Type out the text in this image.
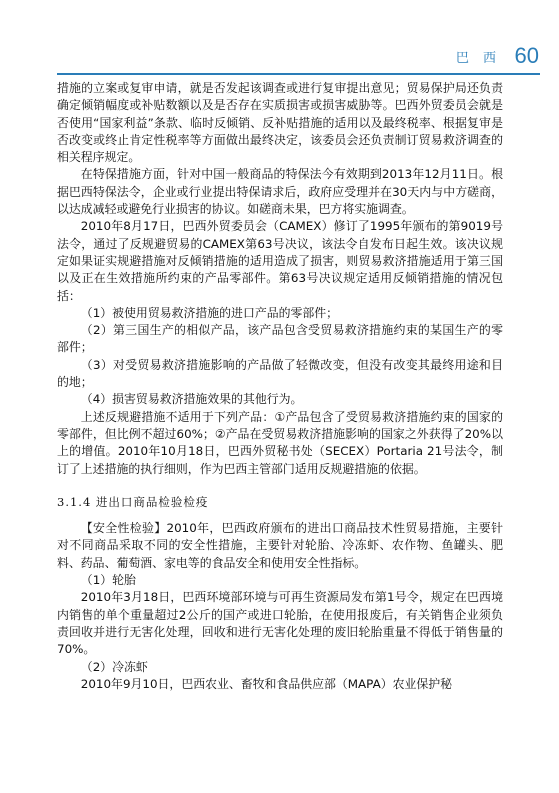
巴 西 60

措施的立案或复审申请，就是否发起该调查或进行复审提出意见；贸易保护局还负责确定倾销幅度或补贴数额以及是否存在实质损害或损害威胁等。巴西外贸委员会就是否使用“国家利益”条款、临时反倾销、反补贴措施的适用以及最终税率、根据复审是否改变或终止肯定性税率等方面做出最终决定，该委员会还负责制订贸易救济调查的相关程序规定。

在特保措施方面，针对中国一般商品的特保法今有效期到2013年12月11日。根据巴西特保法令，企业或行业提出特保请求后，政府应受理并在30天内与中方磋商，以达成减轻或避免行业损害的协议。如磋商未果，巴方将实施调查。

2010年8月17日，巴西外贸委员会（CAMEX）修订了1995年颁布的第9019号法令，通过了反规避贸易的CAMEX第63号决议，该法令自发布日起生效。该决议规定如果证实规避措施对反倾销措施的适用造成了损害，则贸易救济措施适用于第三国以及正在生效措施所约束的产品零部件。第63号决议规定适用反倾销措施的情况包括：

（1）被使用贸易救济措施的进口产品的零部件；

（2）第三国生产的相似产品，该产品包含受贸易救济措施约束的某国生产的零部件；

（3）对受贸易救济措施影响的产品做了轻微改变，但没有改变其最终用途和目的地；

（4）损害贸易救济措施效果的其他行为。

上述反规避措施不适用于下列产品：①产品包含了受贸易救济措施约束的国家的零部件，但比例不超过60%；②产品在受贸易救济措施影响的国家之外获得了20%以上的增值。2010年10月18日，巴西外贸秘书处（SECEX）Portaria 21号法令，制订了上述措施的执行细则，作为巴西主管部门适用反规避措施的依据。

3.1.4 进出口商品检验检疫

【安全性检验】2010年，巴西政府颁布的进出口商品技术性贸易措施，主要针对不同商品采取不同的安全性措施，主要针对轮胎、冷冻虾、农作物、鱼罐头、肥料、药品、葡萄酒、家电等的食品安全和使用安全性指标。

（1）轮胎

2010年3月18日，巴西环境部环境与可再生资源局发布第1号令，规定在巴西境内销售的单个重量超过2公斤的国产或进口轮胎，在使用报废后，有关销售企业须负责回收并进行无害化处理，回收和进行无害化处理的废旧轮胎重量不得低于销售量的70%。

（2）冷冻虾

2010年9月10日，巴西农业、畜牧和食品供应部（MAPA）农业保护秘
